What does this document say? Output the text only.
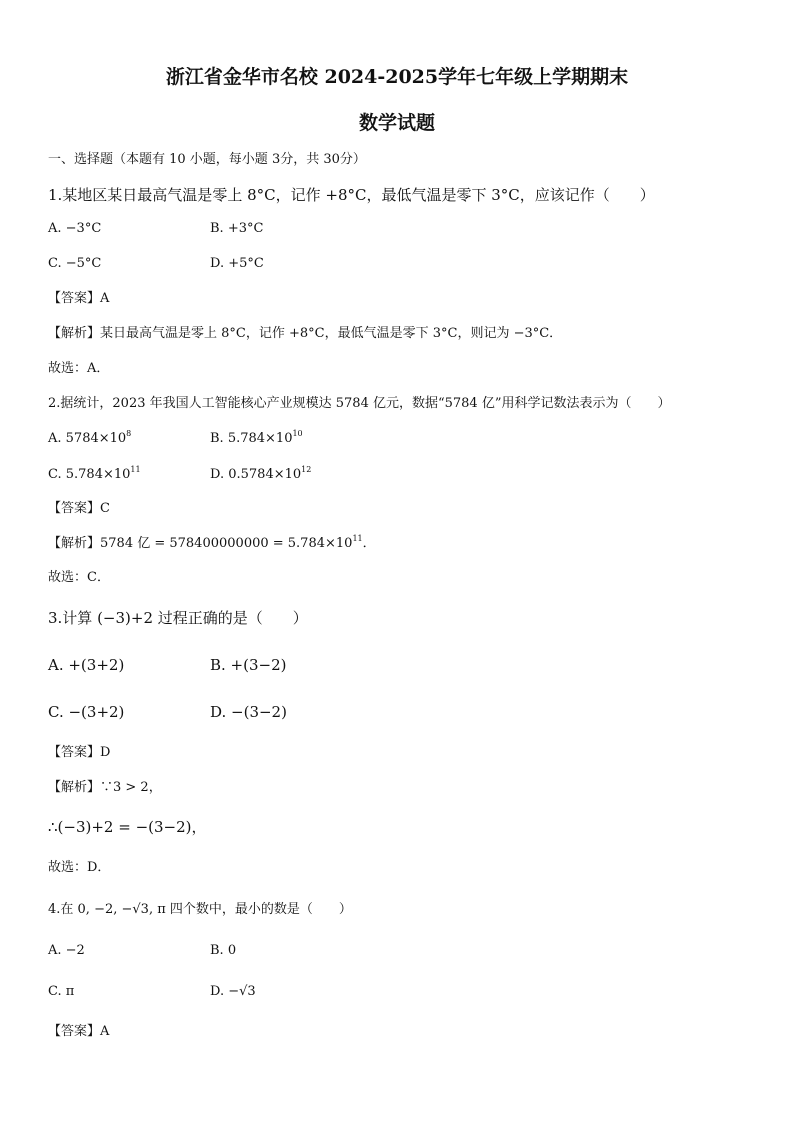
浙江省金华市名校 2024-2025学年七年级上学期期末
数学试题
一、选择题（本题有 10 小题，每小题 3分，共 30分）
1.某地区某日最高气温是零上 8°C，记作 +8°C，最低气温是零下 3°C，应该记作（　　）
A. −3°C	B. +3°C
C. −5°C	D. +5°C
【答案】A
【解析】某日最高气温是零上 8°C，记作 +8°C，最低气温是零下 3°C，则记为 −3°C．
故选：A．
2.据统计，2023 年我国人工智能核心产业规模达 5784 亿元，数据“5784 亿”用科学记数法表示为（　　）
A. $5784\times 10^8$	B. $5.784\times 10^{10}$
C. $5.784\times 10^{11}$	D. $0.5784\times 10^{12}$
【答案】C
【解析】5784 亿 = $578400000000 = 5.784\times 10^{11}$．
故选：C．
3.计算 (−3)+2 过程正确的是（　　）
A. +(3+2)	B. +(3−2)
C. −(3+2)	D. −(3−2)
【答案】D
【解析】∵3 > 2，
∴(−3)+2 = −(3−2)，
故选：D．
4.在 0, −2, −√3, π 四个数中，最小的数是（　　）
A. −2	B. 0
C. π	D. −√3
【答案】A
